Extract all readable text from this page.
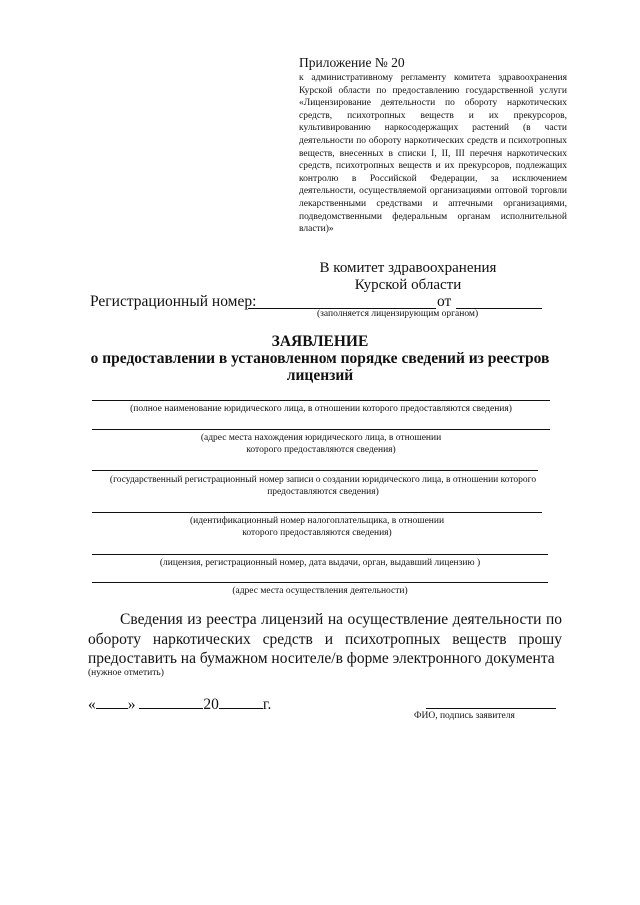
Приложение № 20

к административному регламенту комитета здравоохранения Курской области по предоставлению государственной услуги «Лицензирование деятельности по обороту наркотических средств, психотропных веществ и их прекурсоров, культивированию наркосодержащих растений (в части деятельности по обороту наркотических средств и психотропных веществ, внесенных в списки I, II, III перечня наркотических средств, психотропных веществ и их прекурсоров, подлежащих контролю в Российской Федерации, за исключением деятельности, осуществляемой организациями оптовой торговли лекарственными средствами и аптечными организациями, подведомственными федеральным органам исполнительной власти)»

В комитет здравоохранения
Курской области
Регистрационный номер:	от
(заполняется лицензирующим органом)
ЗАЯВЛЕНИЕ
о предоставлении в установленном порядке сведений из реестров
лицензий
(полное наименование юридического лица, в отношении которого предоставляются сведения)
(адрес места нахождения юридического лица, в отношении
которого предоставляются сведения)
(государственный регистрационный номер записи о создании юридического лица, в отношении которого
предоставляются сведения)
(идентификационный номер налогоплательщика, в отношении
которого предоставляются сведения)
(лицензия, регистрационный номер, дата выдачи, орган, выдавший лицензию )
(адрес места осуществления деятельности)

Сведения из реестра лицензий на осуществление деятельности по обороту наркотических средств и психотропных веществ прошу предоставить на бумажном носителе/в форме электронного документа

(нужное отметить)
« »	20	г.
ФИО, подпись заявителя
